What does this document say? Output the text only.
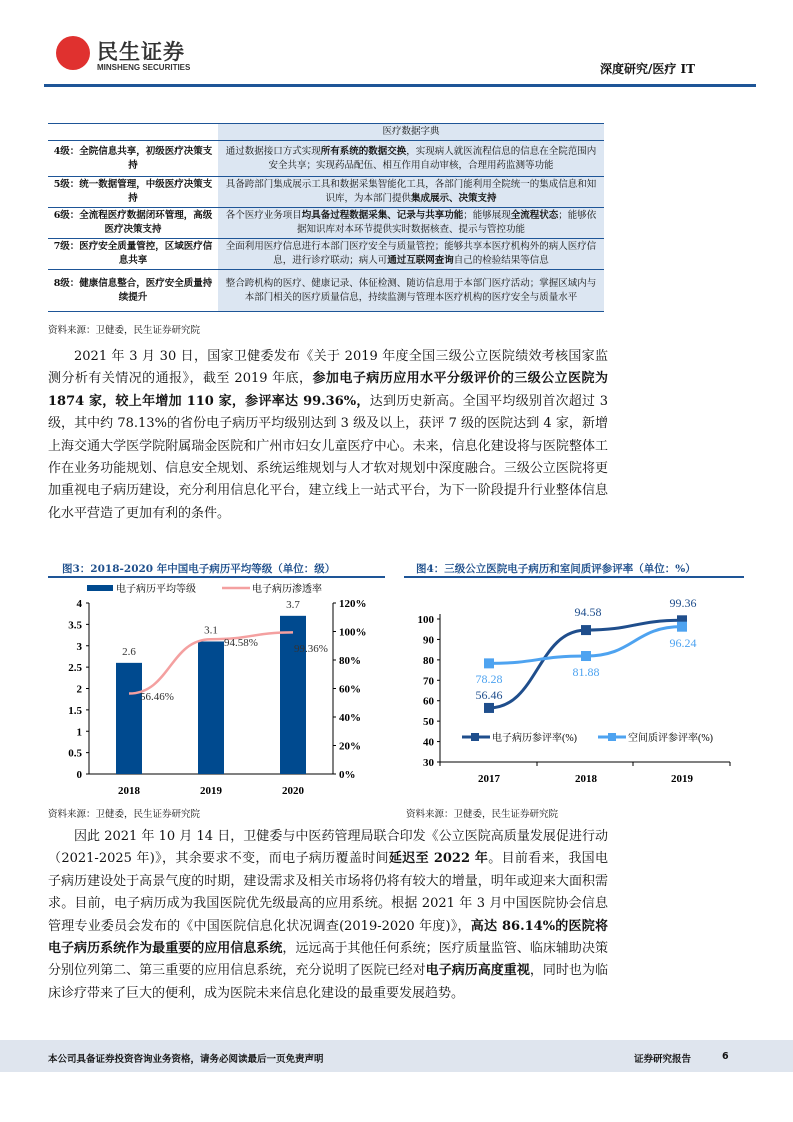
民生证券
MINSHENG SECURITIES	深度研究/医疗 IT
	医疗数据字典
4级：全院信息共享，初级医疗决策支持	通过数据接口方式实现所有系统的数据交换，实现病人就医流程信息的信息在全院范围内安全共享；实现药品配伍、相互作用自动审核，合理用药监测等功能
5级：统一数据管理，中级医疗决策支持	具备跨部门集成展示工具和数据采集智能化工具，各部门能利用全院统一的集成信息和知识库，为本部门提供集成展示、决策支持
6级：全流程医疗数据闭环管理，高级医疗决策支持	各个医疗业务项目均具备过程数据采集、记录与共享功能；能够展现全流程状态；能够依据知识库对本环节提供实时数据核查、提示与管控功能
7级：医疗安全质量管控，区域医疗信息共享	全面利用医疗信息进行本部门医疗安全与质量管控；能够共享本医疗机构外的病人医疗信息，进行诊疗联动；病人可通过互联网查询自己的检验结果等信息
8级：健康信息整合，医疗安全质量持续提升	整合跨机构的医疗、健康记录、体征检测、随访信息用于本部门医疗活动；掌握区域内与本部门相关的医疗质量信息，持续监测与管理本医疗机构的医疗安全与质量水平
资料来源：卫健委，民生证券研究院
2021 年 3 月 30 日，国家卫健委发布《关于 2019 年度全国三级公立医院绩效考核国家监测分析有关情况的通报》，截至 2019 年底，参加电子病历应用水平分级评价的三级公立医院为 1874 家，较上年增加 110 家，参评率达 99.36%，达到历史新高。全国平均级别首次超过 3 级，其中约 78.13%的省份电子病历平均级别达到 3 级及以上，获评 7 级的医院达到 4 家，新增上海交通大学医学院附属瑞金医院和广州市妇女儿童医疗中心。未来，信息化建设将与医院整体工作在业务功能规划、信息安全规划、系统运维规划与人才软对规划中深度融合。三级公立医院将更加重视电子病历建设，充分利用信息化平台，建立线上一站式平台，为下一阶段提升行业整体信息化水平营造了更加有利的条件。
图3：2018-2020 年中国电子病历平均等级（单位：级）	图4：三级公立医院电子病历和室间质评参评率（单位：%）
0
0.5
1
1.5
2
2.5
3
3.5
4
0%
20%
40%
60%
80%
100%
120%
2.6
2018
3.1
2019
3.7
2020
56.46%
94.58%	99.36%
电子病历平均等级	电子病历渗透率
30
40
50
60
70
80
90
100
2017	2018	2019
56.46
94.58
99.36
78.28	81.88
96.24
电子病历参评率(%)	空间质评参评率(%)
资料来源：卫健委，民生证券研究院	资料来源：卫健委，民生证券研究院
因此 2021 年 10 月 14 日，卫健委与中医药管理局联合印发《公立医院高质量发展促进行动（2021-2025 年)》，其余要求不变，而电子病历覆盖时间延迟至 2022 年。目前看来，我国电子病历建设处于高景气度的时期，建设需求及相关市场将仍将有较大的增量，明年或迎来大面积需求。目前，电子病历成为我国医院优先级最高的应用系统。根据 2021 年 3 月中国医院协会信息管理专业委员会发布的《中国医院信息化状况调查(2019-2020 年度)》，高达 86.14%的医院将电子病历系统作为最重要的应用信息系统，远远高于其他任何系统；医疗质量监管、临床辅助决策分别位列第二、第三重要的应用信息系统，充分说明了医院已经对电子病历高度重视，同时也为临床诊疗带来了巨大的便利，成为医院未来信息化建设的最重要发展趋势。
本公司具备证券投资咨询业务资格，请务必阅读最后一页免责声明	证券研究报告	6
